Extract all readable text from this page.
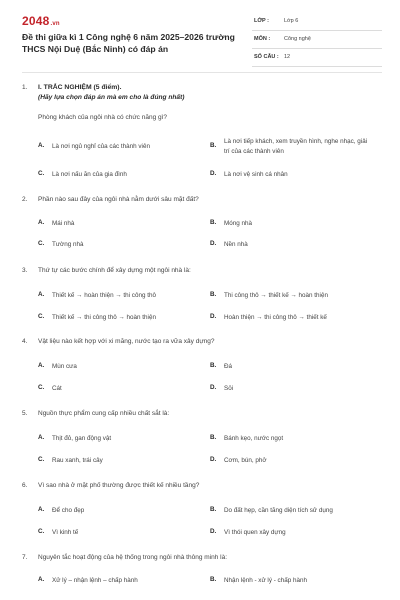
2048.vn
Đề thi giữa kì 1 Công nghệ 6 năm 2025–2026 trường THCS Nội Duệ (Bắc Ninh) có đáp án
LỚP :	Lớp 6
MÔN :	Công nghệ
SỐ CÂU : 12
1. I. TRẮC NGHIỆM (5 điểm).
(Hãy lựa chọn đáp án mà em cho là đúng nhất)
Phòng khách của ngôi nhà có chức năng gì?
A. Là nơi ngủ nghỉ của các thành viên	B.
Là nơi tiếp khách, xem truyền hình, nghe nhạc, giải trí của các thành viên
C. Là nơi nấu ăn của gia đình	D. Là nơi vệ sinh cá nhân
2. Phần nào sau đây của ngôi nhà nằm dưới sâu mặt đất?
A. Mái nhà	B. Móng nhà
C. Tường nhà	D. Nền nhà
3. Thứ tự các bước chính để xây dựng một ngôi nhà là:
A. Thiết kế → hoàn thiện → thi công thô	B. Thi công thô → thiết kế → hoàn thiện
C. Thiết kế → thi công thô → hoàn thiện	D. Hoàn thiện → thi công thô → thiết kế
4. Vật liệu nào kết hợp với xi măng, nước tạo ra vữa xây dựng?
A. Mùn cưa	B. Đá
C. Cát	D. Sỏi
5. Nguồn thực phẩm cung cấp nhiều chất sắt là:
A. Thịt đỏ, gan động vật	B. Bánh kẹo, nước ngọt
C. Rau xanh, trái cây	D. Cơm, bún, phở
6. Vì sao nhà ở mặt phố thường được thiết kế nhiều tầng?
A. Để cho đẹp	B. Do đất hẹp, cần tăng diện tích sử dụng
C. Vì kinh tế	D. Vì thói quen xây dựng
7. Nguyên tắc hoạt động của hệ thống trong ngôi nhà thông minh là:
A. Xử lý – nhận lệnh – chấp hành	B. Nhận lệnh - xử lý - chấp hành
